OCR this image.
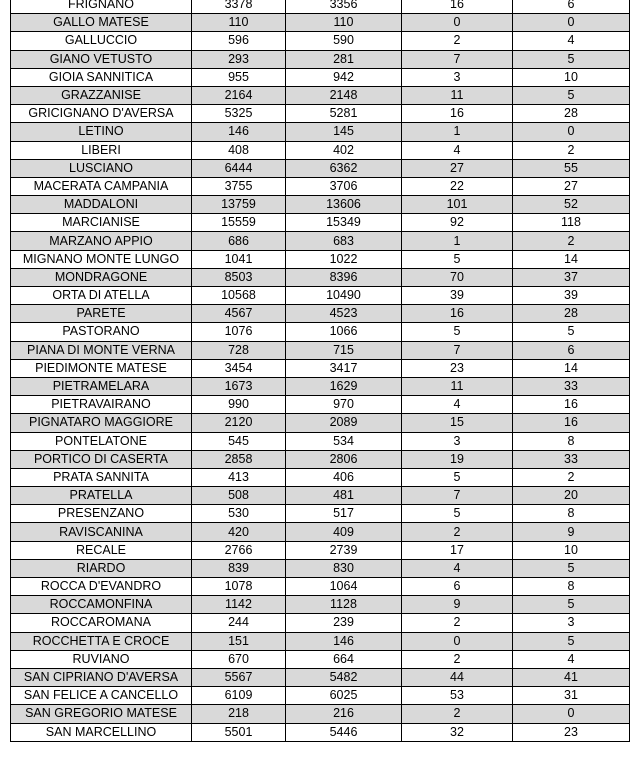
FRIGNANO	3378	3356	16	6
GALLO MATESE	110	110	0	0
GALLUCCIO	596	590	2	4
GIANO VETUSTO	293	281	7	5
GIOIA SANNITICA	955	942	3	10
GRAZZANISE	2164	2148	11	5
GRICIGNANO D'AVERSA	5325	5281	16	28
LETINO	146	145	1	0
LIBERI	408	402	4	2
LUSCIANO	6444	6362	27	55
MACERATA CAMPANIA	3755	3706	22	27
MADDALONI	13759	13606	101	52
MARCIANISE	15559	15349	92	118
MARZANO APPIO	686	683	1	2
MIGNANO MONTE LUNGO	1041	1022	5	14
MONDRAGONE	8503	8396	70	37
ORTA DI ATELLA	10568	10490	39	39
PARETE	4567	4523	16	28
PASTORANO	1076	1066	5	5
PIANA DI MONTE VERNA	728	715	7	6
PIEDIMONTE MATESE	3454	3417	23	14
PIETRAMELARA	1673	1629	11	33
PIETRAVAIRANO	990	970	4	16
PIGNATARO MAGGIORE	2120	2089	15	16
PONTELATONE	545	534	3	8
PORTICO DI CASERTA	2858	2806	19	33
PRATA SANNITA	413	406	5	2
PRATELLA	508	481	7	20
PRESENZANO	530	517	5	8
RAVISCANINA	420	409	2	9
RECALE	2766	2739	17	10
RIARDO	839	830	4	5
ROCCA D'EVANDRO	1078	1064	6	8
ROCCAMONFINA	1142	1128	9	5
ROCCAROMANA	244	239	2	3
ROCCHETTA E CROCE	151	146	0	5
RUVIANO	670	664	2	4
SAN CIPRIANO D'AVERSA	5567	5482	44	41
SAN FELICE A CANCELLO	6109	6025	53	31
SAN GREGORIO MATESE	218	216	2	0
SAN MARCELLINO	5501	5446	32	23
